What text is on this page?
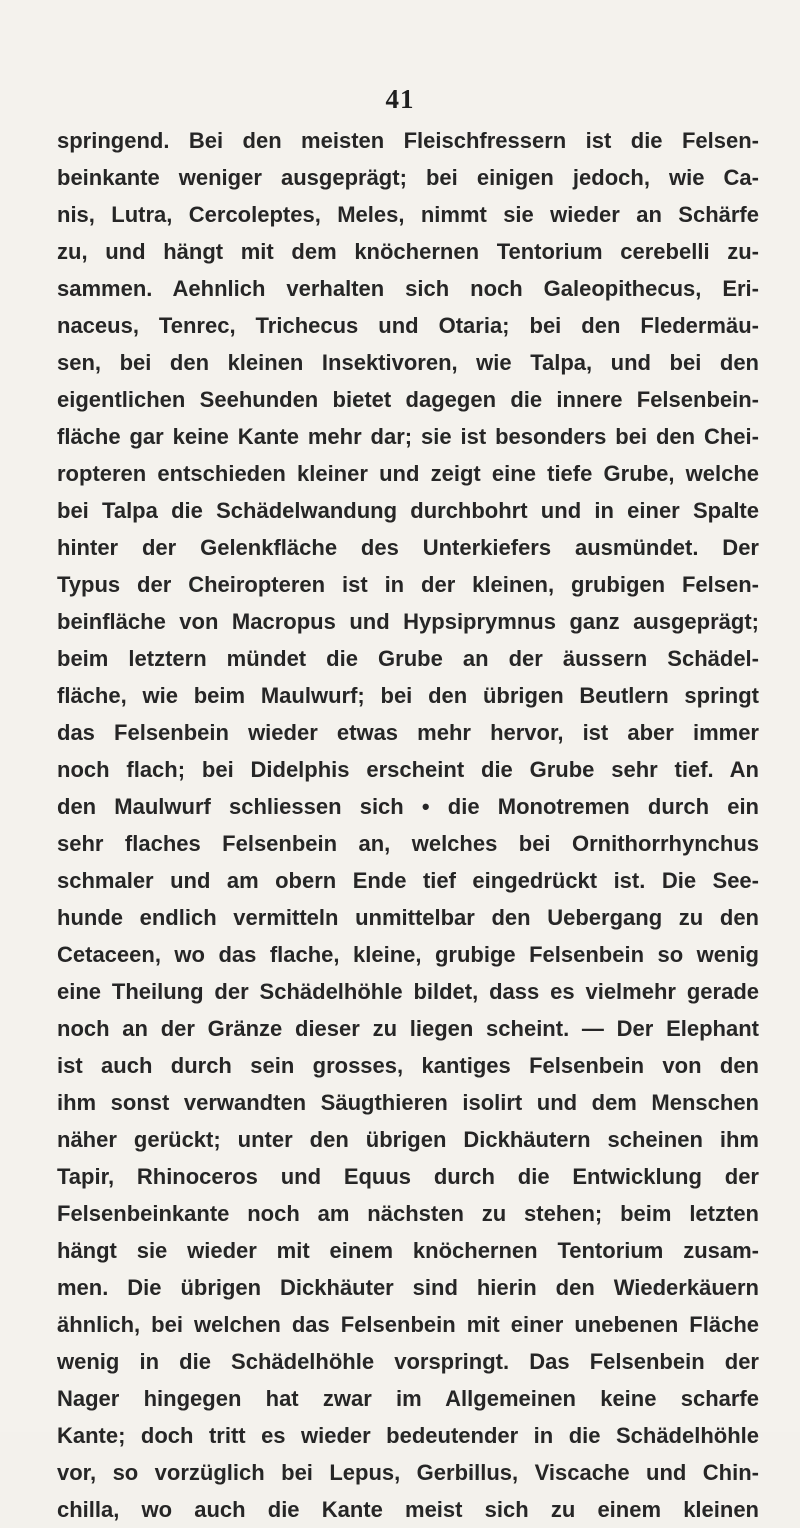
41
springend. Bei den meisten Fleischfressern ist die Felsen-
beinkante weniger ausgeprägt; bei einigen jedoch, wie Ca-
nis, Lutra, Cercoleptes, Meles, nimmt sie wieder an Schärfe
zu, und hängt mit dem knöchernen Tentorium cerebelli zu-
sammen. Aehnlich verhalten sich noch Galeopithecus, Eri-
naceus, Tenrec, Trichecus und Otaria; bei den Fledermäu-
sen, bei den kleinen Insektivoren, wie Talpa, und bei den
eigentlichen Seehunden bietet dagegen die innere Felsenbein-
fläche gar keine Kante mehr dar; sie ist besonders bei den Chei-
ropteren entschieden kleiner und zeigt eine tiefe Grube, welche
bei Talpa die Schädelwandung durchbohrt und in einer Spalte
hinter der Gelenkfläche des Unterkiefers ausmündet. Der
Typus der Cheiropteren ist in der kleinen, grubigen Felsen-
beinfläche von Macropus und Hypsiprymnus ganz ausgeprägt;
beim letztern mündet die Grube an der äussern Schädel-
fläche, wie beim Maulwurf; bei den übrigen Beutlern springt
das Felsenbein wieder etwas mehr hervor, ist aber immer
noch flach; bei Didelphis erscheint die Grube sehr tief. An
den Maulwurf schliessen sich • die Monotremen durch ein
sehr flaches Felsenbein an, welches bei Ornithorrhynchus
schmaler und am obern Ende tief eingedrückt ist. Die See-
hunde endlich vermitteln unmittelbar den Uebergang zu den
Cetaceen, wo das flache, kleine, grubige Felsenbein so wenig
eine Theilung der Schädelhöhle bildet, dass es vielmehr gerade
noch an der Gränze dieser zu liegen scheint. — Der Elephant
ist auch durch sein grosses, kantiges Felsenbein von den
ihm sonst verwandten Säugthieren isolirt und dem Menschen
näher gerückt; unter den übrigen Dickhäutern scheinen ihm
Tapir, Rhinoceros und Equus durch die Entwicklung der
Felsenbeinkante noch am nächsten zu stehen; beim letzten
hängt sie wieder mit einem knöchernen Tentorium zusam-
men. Die übrigen Dickhäuter sind hierin den Wiederkäuern
ähnlich, bei welchen das Felsenbein mit einer unebenen Fläche
wenig in die Schädelhöhle vorspringt. Das Felsenbein der
Nager hingegen hat zwar im Allgemeinen keine scharfe
Kante; doch tritt es wieder bedeutender in die Schädelhöhle
vor, so vorzüglich bei Lepus, Gerbillus, Viscache und Chin-
chilla, wo auch die Kante meist sich zu einem kleinen
